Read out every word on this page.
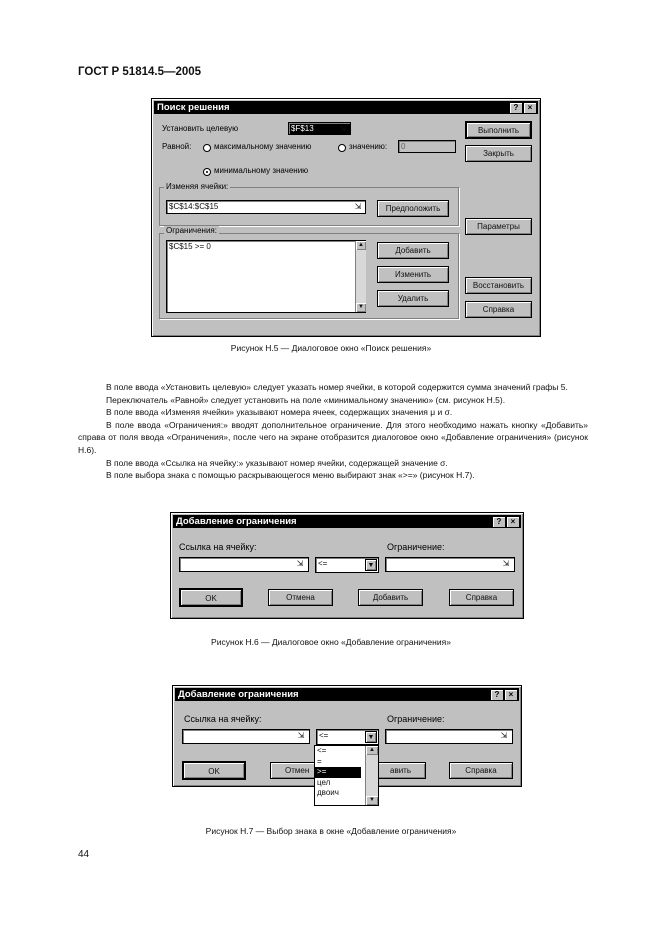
ГОСТ Р 51814.5—2005
Поиск решения	?	×
Установить целевую	$F$13	⇲
Равной:	максимальному значению	значению:	0
минимальному значению
Изменяя ячейки:
$C$14:$C$15	⇲	Предположить
Ограничения:
$C$15 >= 0	▲
▼
Добавить
Изменить
Удалить
Выполнить
Закрыть
Параметры
Восстановить
Справка
Рисунок Н.5 — Диалоговое окно «Поиск решения»

В поле ввода «Установить целевую» следует указать номер ячейки, в которой содержится сумма значений графы 5.

Переключатель «Равной» следует установить на поле «минимальному значению» (см. рисунок Н.5).

В поле ввода «Изменяя ячейки» указывают номера ячеек, содержащих значения μ и σ.

В поле ввода «Ограничения:» вводят дополнительное ограничение. Для этого необходимо нажать кнопку «Добавить» справа от поля ввода «Ограничения», после чего на экране отобразится диалоговое окно «Добавление ограничения» (рисунок Н.6).

В поле ввода «Ссылка на ячейку:» указывают номер ячейки, содержащей значение σ.

В поле выбора знака с помощью раскрывающегося меню выбирают знак «>=» (рисунок Н.7).

Добавление ограничения	?	×
Ссылка на ячейку:
⇲	<=	▼
Ограничение:
⇲
OK	Отмена	Добавить	Справка
Рисунок Н.6 — Диалоговое окно «Добавление ограничения»
Добавление ограничения	?	×
Ссылка на ячейку:
⇲	<=	▼
Ограничение:
⇲
OK	Отмен	авить	Справка
<=
=
>=
цел
двоич
▲
▼
Рисунок Н.7 — Выбор знака в окне «Добавление ограничения»
44
